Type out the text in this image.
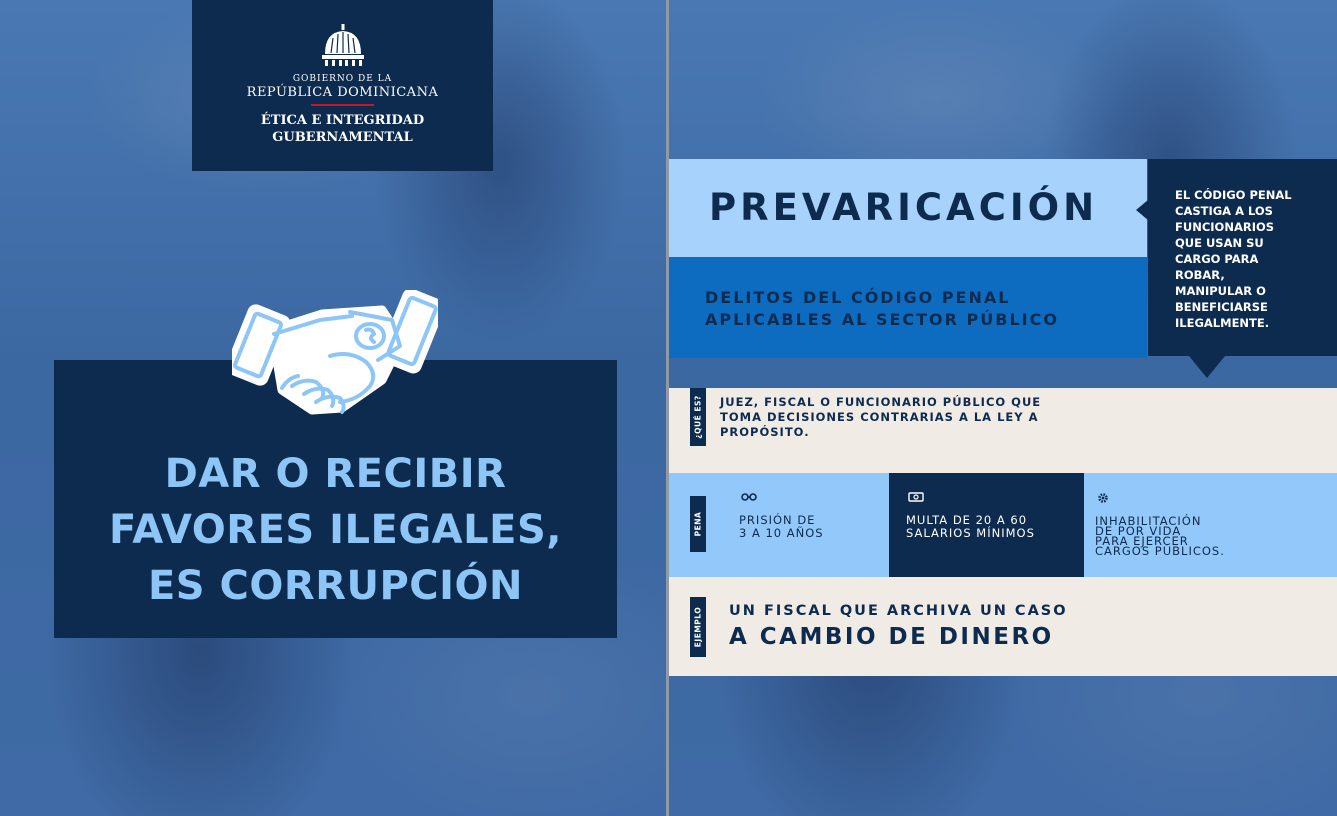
GOBIERNO DE LA
REPÚBLICA DOMINICANA
ÉTICA E INTEGRIDAD
GUBERNAMENTAL
DAR O RECIBIR
FAVORES ILEGALES,
ES CORRUPCIÓN
PREVARICACIÓN
DELITOS DEL CÓDIGO PENAL
APLICABLES AL SECTOR PÚBLICO
EL CÓDIGO PENAL
CASTIGA A LOS
FUNCIONARIOS
QUE USAN SU
CARGO PARA
ROBAR,
MANIPULAR O
BENEFICIARSE
ILEGALMENTE.
¿QUÉ ES? JUEZ, FISCAL O FUNCIONARIO PÚBLICO QUE
TOMA DECISIONES CONTRARIAS A LA LEY A
PROPÓSITO.
PENA	PRISIÓN DE
3 A 10 AÑOS
MULTA DE 20 A 60
SALARIOS MÍNIMOS
INHABILITACIÓN
DE POR VIDA
PARA EJERCER
CARGOS PÚBLICOS.
EJEMPLO UN FISCAL QUE ARCHIVA UN CASO
A CAMBIO DE DINERO
